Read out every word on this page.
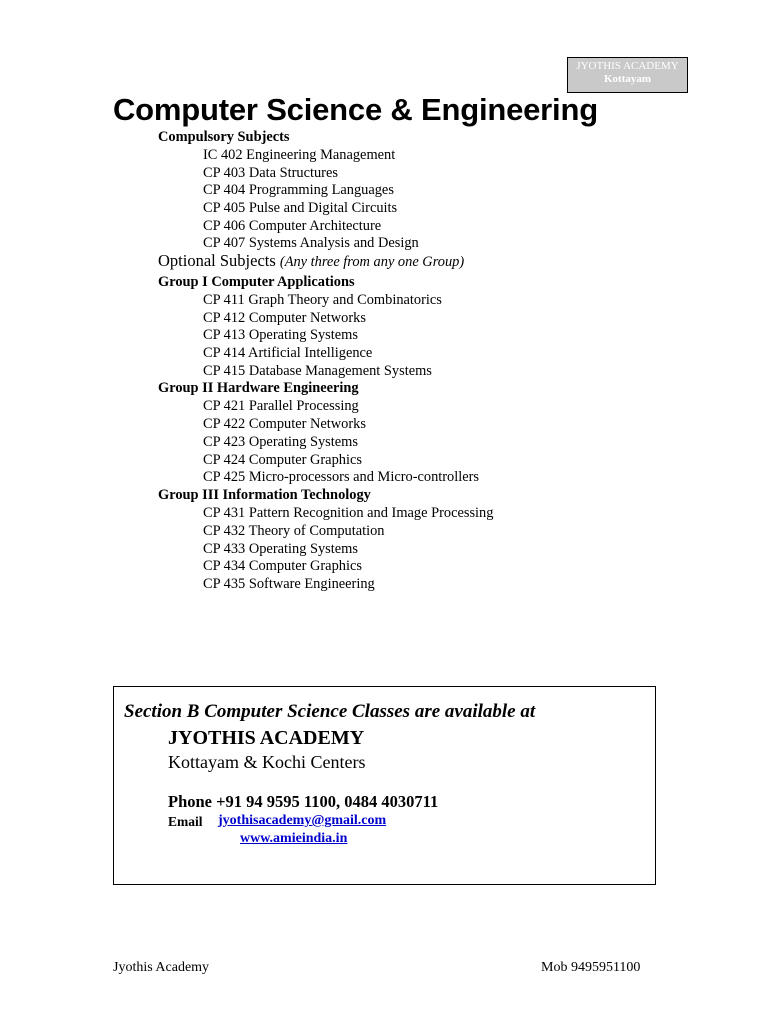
JYOTHIS ACADEMY
Kottayam
Computer Science & Engineering
Compulsory Subjects
IC 402 Engineering Management
CP 403 Data Structures
CP 404 Programming Languages
CP 405 Pulse and Digital Circuits
CP 406 Computer Architecture
CP 407 Systems Analysis and Design
Optional Subjects (Any three from any one Group)
Group I Computer Applications
CP 411 Graph Theory and Combinatorics
CP 412 Computer Networks
CP 413 Operating Systems
CP 414 Artificial Intelligence
CP 415 Database Management Systems
Group II Hardware Engineering
CP 421 Parallel Processing
CP 422 Computer Networks
CP 423 Operating Systems
CP 424 Computer Graphics
CP 425 Micro-processors and Micro-controllers
Group III Information Technology
CP 431 Pattern Recognition and Image Processing
CP 432 Theory of Computation
CP 433 Operating Systems
CP 434 Computer Graphics
CP 435 Software Engineering
Section B Computer Science Classes are available at
JYOTHIS ACADEMY
Kottayam & Kochi Centers
Phone +91 94 9595 1100, 0484 4030711
Email jyothisacademy@gmail.com
www.amieindia.in
Jyothis Academy	Mob 9495951100
